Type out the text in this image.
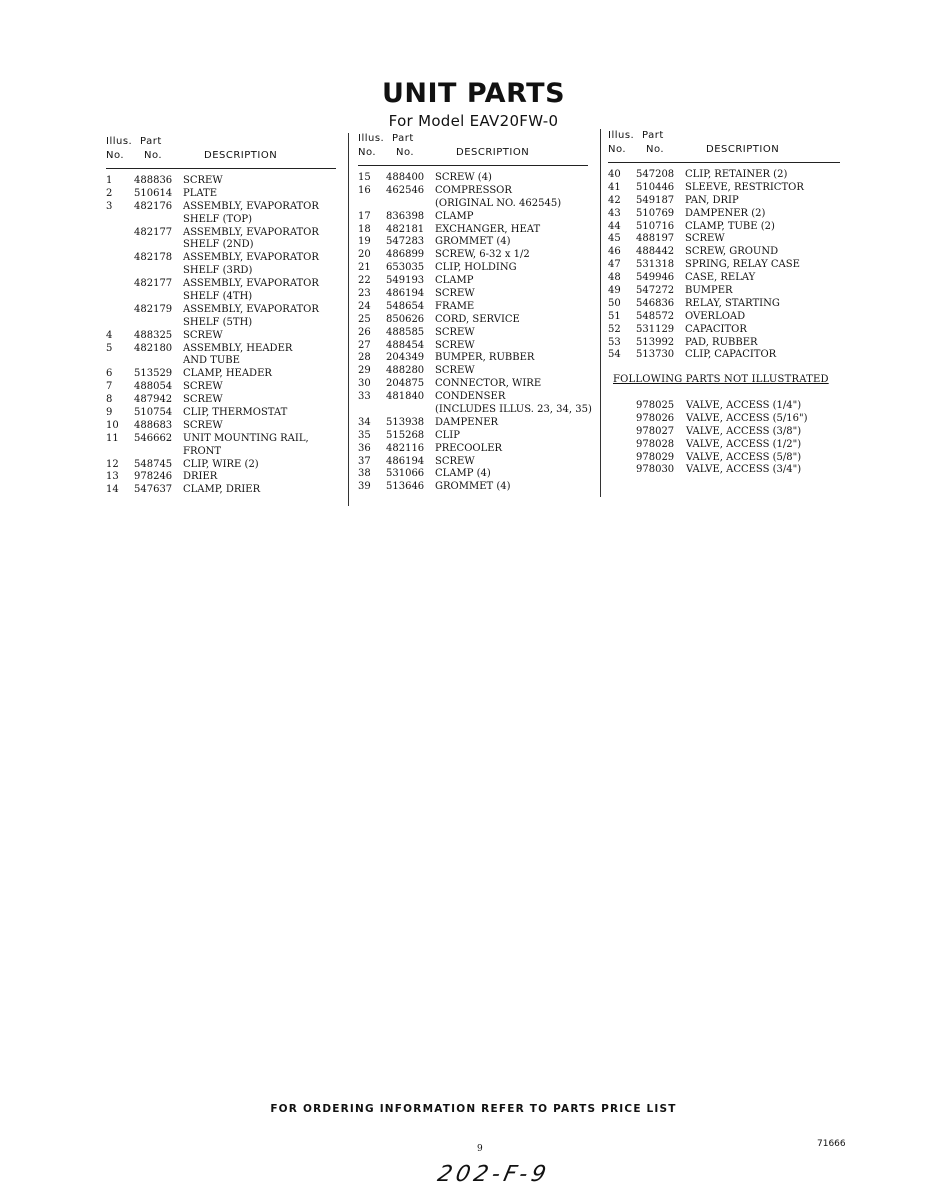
UNIT PARTS
For Model EAV20FW-0
Illus. Part
No. No.	DESCRIPTION
1 488836 SCREW
2 510614 PLATE
3 482176 ASSEMBLY, EVAPORATOR
SHELF (TOP)
482177 ASSEMBLY, EVAPORATOR
SHELF (2ND)
482178 ASSEMBLY, EVAPORATOR
SHELF (3RD)
482177 ASSEMBLY, EVAPORATOR
SHELF (4TH)
482179 ASSEMBLY, EVAPORATOR
SHELF (5TH)
4 488325 SCREW
5 482180 ASSEMBLY, HEADER
AND TUBE
6 513529 CLAMP, HEADER
7 488054 SCREW
8 487942 SCREW
9 510754 CLIP, THERMOSTAT
10 488683 SCREW
11 546662 UNIT MOUNTING RAIL,
FRONT
12 548745 CLIP, WIRE (2)
13 978246 DRIER
14 547637 CLAMP, DRIER
Illus. Part
No. No.	DESCRIPTION
15 488400 SCREW (4)
16 462546 COMPRESSOR
(ORIGINAL NO. 462545)
17 836398 CLAMP
18 482181 EXCHANGER, HEAT
19 547283 GROMMET (4)
20 486899 SCREW, 6-32 x 1/2
21 653035 CLIP, HOLDING
22 549193 CLAMP
23 486194 SCREW
24 548654 FRAME
25 850626 CORD, SERVICE
26 488585 SCREW
27 488454 SCREW
28 204349 BUMPER, RUBBER
29 488280 SCREW
30 204875 CONNECTOR, WIRE
33 481840 CONDENSER
(INCLUDES ILLUS. 23, 34, 35)
34 513938 DAMPENER
35 515268 CLIP
36 482116 PRECOOLER
37 486194 SCREW
38 531066 CLAMP (4)
39 513646 GROMMET (4)
Illus. Part
No. No.	DESCRIPTION
40 547208 CLIP, RETAINER (2)
41 510446 SLEEVE, RESTRICTOR
42 549187 PAN, DRIP
43 510769 DAMPENER (2)
44 510716 CLAMP, TUBE (2)
45 488197 SCREW
46 488442 SCREW, GROUND
47 531318 SPRING, RELAY CASE
48 549946 CASE, RELAY
49 547272 BUMPER
50 546836 RELAY, STARTING
51 548572 OVERLOAD
52 531129 CAPACITOR
53 513992 PAD, RUBBER
54 513730 CLIP, CAPACITOR
FOLLOWING PARTS NOT ILLUSTRATED
978025 VALVE, ACCESS (1/4")
978026 VALVE, ACCESS (5/16")
978027 VALVE, ACCESS (3/8")
978028 VALVE, ACCESS (1/2")
978029 VALVE, ACCESS (5/8")
978030 VALVE, ACCESS (3/4")
FOR ORDERING INFORMATION REFER TO PARTS PRICE LIST
9	71666
202-F-9
